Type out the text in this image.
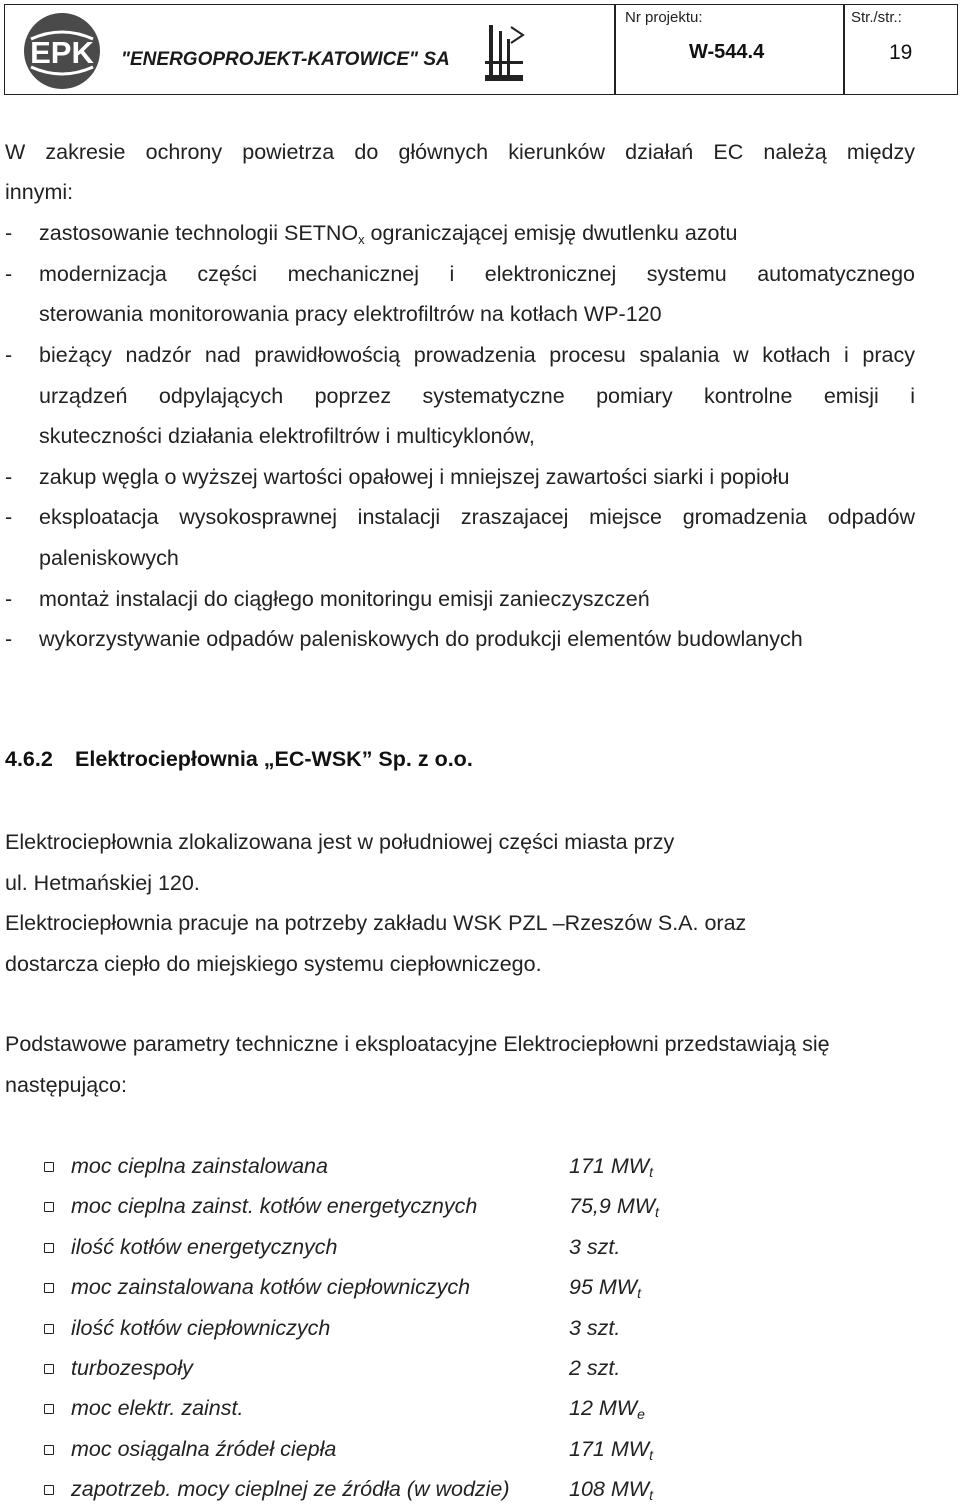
EPK "ENERGOPROJEKT-KATOWICE" SA
Nr projektu:
W-544.4
Str./str.:
19
W zakresie ochrony powietrza do głównych kierunków działań EC należą między
innymi:
- zastosowanie technologii $SETNO_x$ ograniczającej emisję dwutlenku azotu
- modernizacja części mechanicznej i elektronicznej systemu automatycznego
sterowania monitorowania pracy elektrofiltrów na kotłach WP-120
- bieżący nadzór nad prawidłowością prowadzenia procesu spalania w kotłach i pracy
urządzeń odpylających poprzez systematyczne pomiary kontrolne emisji i
skuteczności działania elektrofiltrów i multicyklonów,
- zakup węgla o wyższej wartości opałowej i mniejszej zawartości siarki i popiołu
- eksploatacja wysokosprawnej instalacji zraszajacej miejsce gromadzenia odpadów
paleniskowych
- montaż instalacji do ciągłego monitoringu emisji zanieczyszczeń
- wykorzystywanie odpadów paleniskowych do produkcji elementów budowlanych
4.6.2 Elektrociepłownia „EC-WSK” Sp. z o.o.
Elektrociepłownia zlokalizowana jest w południowej części miasta przy
ul. Hetmańskiej 120.
Elektrociepłownia pracuje na potrzeby zakładu WSK PZL –Rzeszów S.A. oraz
dostarcza ciepło do miejskiego systemu ciepłowniczego.
Podstawowe parametry techniczne i eksploatacyjne Elektrociepłowni przedstawiają się
następująco:
moc cieplna zainstalowana	171 $MW_t$
moc cieplna zainst. kotłów energetycznych	75,9 $MW_t$
ilość kotłów energetycznych	3 szt.
moc zainstalowana kotłów ciepłowniczych	95 $MW_t$
ilość kotłów ciepłowniczych	3 szt.
turbozespoły	2 szt.
moc elektr. zainst.	12 $MW_e$
moc osiągalna źródeł ciepła	171 $MW_t$
zapotrzeb. mocy cieplnej ze źródła (w wodzie)	108 $MW_t$
